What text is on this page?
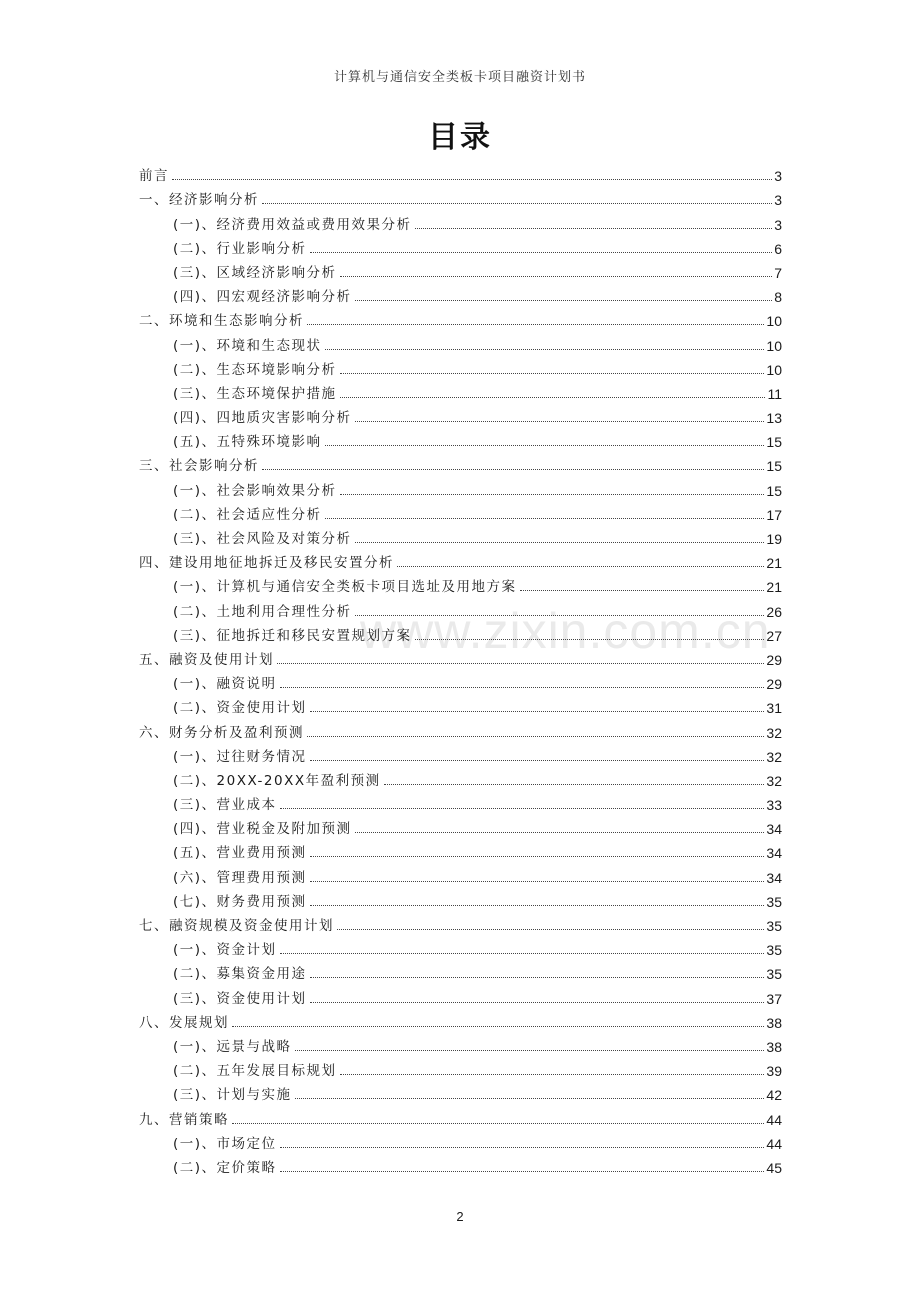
计算机与通信安全类板卡项目融资计划书
目录
www.zixin.com.cn
前言	3
一、经济影响分析	3
(一)、经济费用效益或费用效果分析	3
(二)、行业影响分析	6
(三)、区域经济影响分析	7
(四)、四宏观经济影响分析	8
二、环境和生态影响分析	10
(一)、环境和生态现状	10
(二)、生态环境影响分析	10
(三)、生态环境保护措施	11
(四)、四地质灾害影响分析	13
(五)、五特殊环境影响	15
三、社会影响分析	15
(一)、社会影响效果分析	15
(二)、社会适应性分析	17
(三)、社会风险及对策分析	19
四、建设用地征地拆迁及移民安置分析	21
(一)、计算机与通信安全类板卡项目选址及用地方案	21
(二)、土地利用合理性分析	26
(三)、征地拆迁和移民安置规划方案	27
五、融资及使用计划	29
(一)、融资说明	29
(二)、资金使用计划	31
六、财务分析及盈利预测	32
(一)、过往财务情况	32
(二)、20XX-20XX年盈利预测	32
(三)、营业成本	33
(四)、营业税金及附加预测	34
(五)、营业费用预测	34
(六)、管理费用预测	34
(七)、财务费用预测	35
七、融资规模及资金使用计划	35
(一)、资金计划	35
(二)、募集资金用途	35
(三)、资金使用计划	37
八、发展规划	38
(一)、远景与战略	38
(二)、五年发展目标规划	39
(三)、计划与实施	42
九、营销策略	44
(一)、市场定位	44
(二)、定价策略	45
2
